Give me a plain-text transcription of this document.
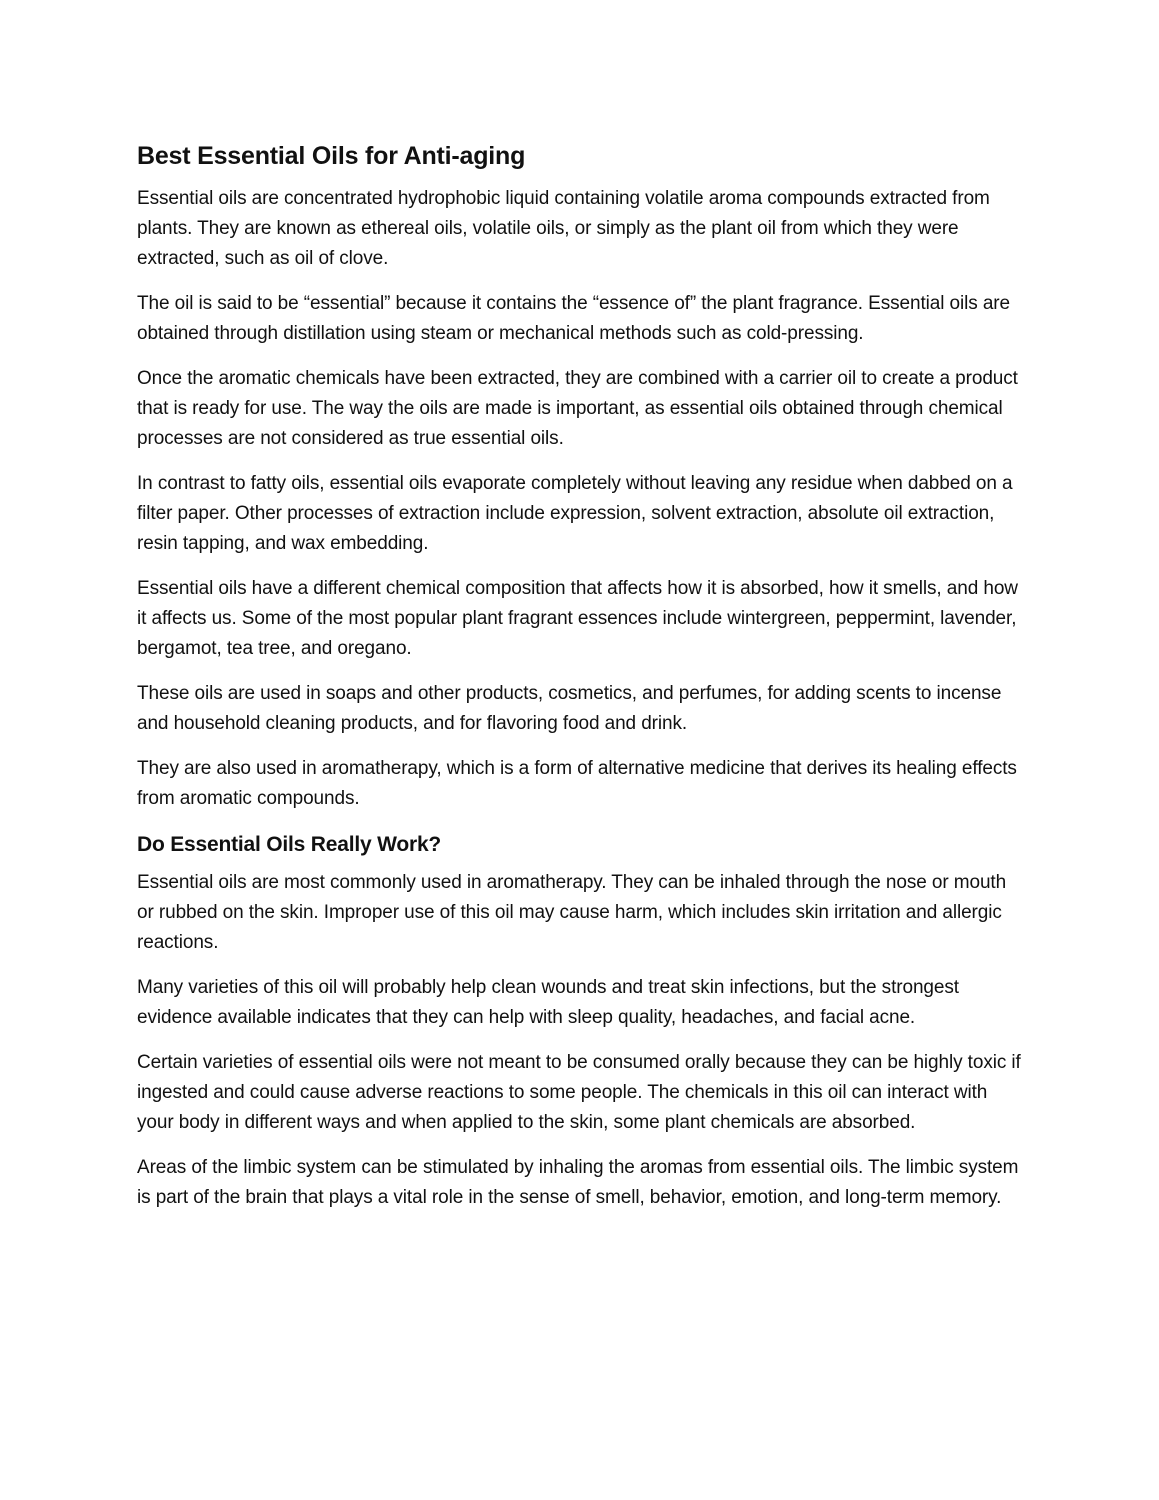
Best Essential Oils for Anti-aging

Essential oils are concentrated hydrophobic liquid containing volatile aroma compounds extracted from plants. They are known as ethereal oils, volatile oils, or simply as the plant oil from which they were extracted, such as oil of clove.

The oil is said to be “essential” because it contains the “essence of” the plant fragrance. Essential oils are obtained through distillation using steam or mechanical methods such as cold-pressing.

Once the aromatic chemicals have been extracted, they are combined with a carrier oil to create a product that is ready for use. The way the oils are made is important, as essential oils obtained through chemical processes are not considered as true essential oils.

In contrast to fatty oils, essential oils evaporate completely without leaving any residue when dabbed on a filter paper. Other processes of extraction include expression, solvent extraction, absolute oil extraction, resin tapping, and wax embedding.

Essential oils have a different chemical composition that affects how it is absorbed, how it smells, and how it affects us. Some of the most popular plant fragrant essences include wintergreen, peppermint, lavender, bergamot, tea tree, and oregano.

These oils are used in soaps and other products, cosmetics, and perfumes, for adding scents to incense and household cleaning products, and for flavoring food and drink.

They are also used in aromatherapy, which is a form of alternative medicine that derives its healing effects from aromatic compounds.

Do Essential Oils Really Work?

Essential oils are most commonly used in aromatherapy. They can be inhaled through the nose or mouth or rubbed on the skin. Improper use of this oil may cause harm, which includes skin irritation and allergic reactions.

Many varieties of this oil will probably help clean wounds and treat skin infections, but the strongest evidence available indicates that they can help with sleep quality, headaches, and facial acne.

Certain varieties of essential oils were not meant to be consumed orally because they can be highly toxic if ingested and could cause adverse reactions to some people. The chemicals in this oil can interact with your body in different ways and when applied to the skin, some plant chemicals are absorbed.

Areas of the limbic system can be stimulated by inhaling the aromas from essential oils. The limbic system is part of the brain that plays a vital role in the sense of smell, behavior, emotion, and long-term memory.
